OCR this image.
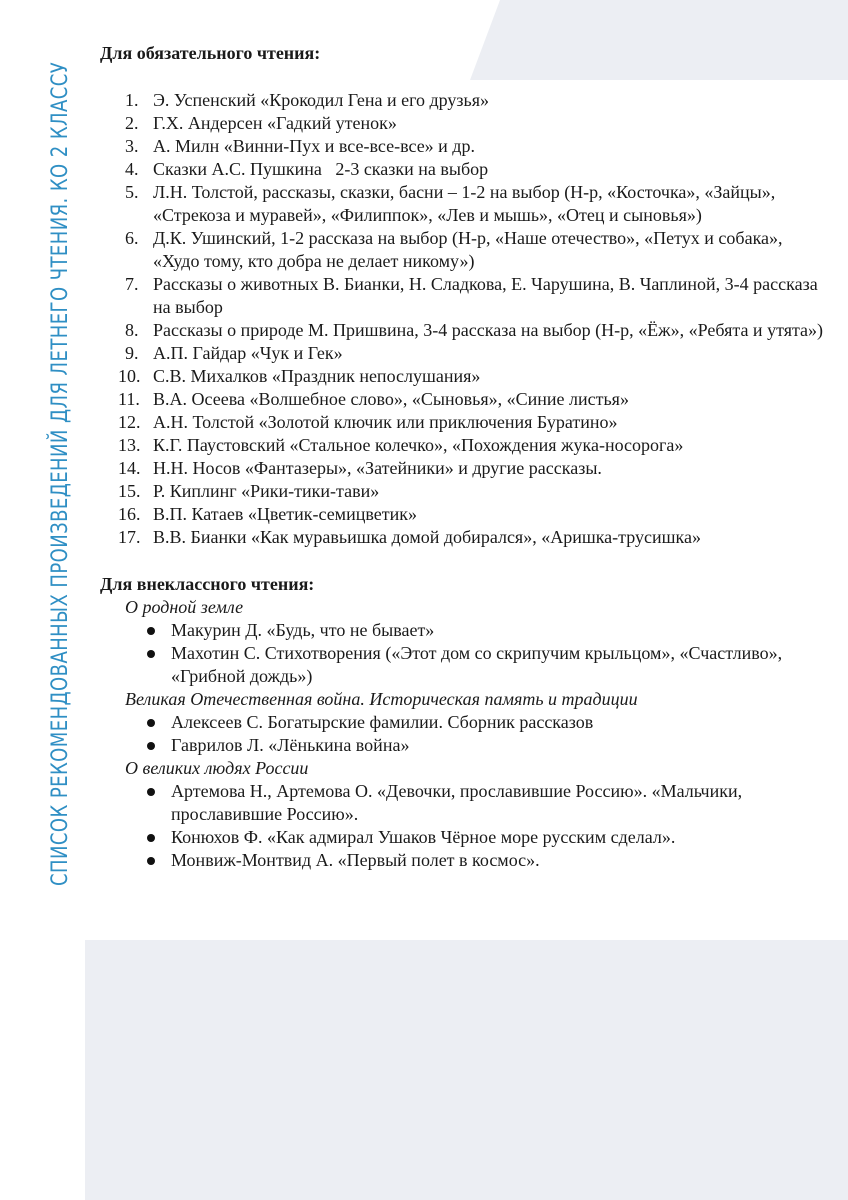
СПИСОК РЕКОМЕНДОВАННЫХ ПРОИЗВЕДЕНИЙ ДЛЯ ЛЕТНЕГО ЧТЕНИЯ. КО 2 КЛАССУ

Для обязательного чтения:

1. Э. Успенский «Крокодил Гена и его друзья»
2. Г.Х. Андерсен «Гадкий утенок»
3. А. Милн «Винни-Пух и все-все-все» и др.
4. Сказки А.С. Пушкина   2-3 сказки на выбор
5. Л.Н. Толстой, рассказы, сказки, басни – 1-2 на выбор (Н-р, «Косточка», «Зайцы», «Стрекоза и муравей», «Филиппок», «Лев и мышь», «Отец и сыновья»)
6. Д.К. Ушинский, 1-2 рассказа на выбор (Н-р, «Наше отечество», «Петух и собака», «Худо тому, кто добра не делает никому»)
7. Рассказы о животных В. Бианки, Н. Сладкова, Е. Чарушина, В. Чаплиной, 3-4 рассказа на выбор
8. Рассказы о природе М. Пришвина, 3-4 рассказа на выбор (Н-р, «Ёж», «Ребята и утята»)
9. А.П. Гайдар «Чук и Гек»
10. С.В. Михалков «Праздник непослушания»
11. В.А. Осеева «Волшебное слово», «Сыновья», «Синие листья»
12. А.Н. Толстой «Золотой ключик или приключения Буратино»
13. К.Г. Паустовский «Стальное колечко», «Похождения жука-носорога»
14. Н.Н. Носов «Фантазеры», «Затейники» и другие рассказы.
15. Р. Киплинг «Рики-тики-тави»
16. В.П. Катаев «Цветик-семицветик»
17. В.В. Бианки «Как муравьишка домой добирался», «Аришка-трусишка»

Для внеклассного чтения:

О родной земле
Макурин Д. «Будь, что не бывает»
Махотин С. Стихотворения («Этот дом со скрипучим крыльцом», «Счастливо», «Грибной дождь»)
Великая Отечественная война. Историческая память и традиции
Алексеев С. Богатырские фамилии. Сборник рассказов
Гаврилов Л. «Лёнькина война»
О великих людях России
Артемова Н., Артемова О. «Девочки, прославившие Россию». «Мальчики, прославившие Россию».
Конюхов Ф. «Как адмирал Ушаков Чёрное море русским сделал».
Монвиж-Монтвид А. «Первый полет в космос».
